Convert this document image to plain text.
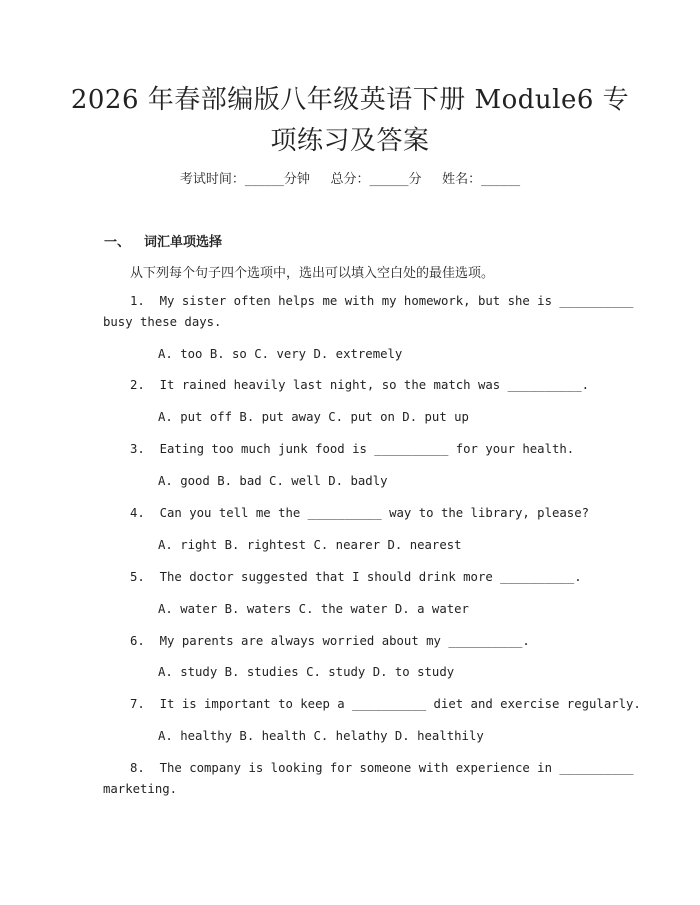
2026 年春部编版八年级英语下册 Module6 专项练习及答案
考试时间：______分钟     总分：______分     姓名：______
一、 词汇单项选择
从下列每个句子四个选项中，选出可以填入空白处的最佳选项。
1.  My sister often helps me with my homework, but she is __________
busy these days.
A. too B. so C. very D. extremely
2.  It rained heavily last night, so the match was __________.
A. put off B. put away C. put on D. put up
3.  Eating too much junk food is __________ for your health.
A. good B. bad C. well D. badly
4.  Can you tell me the __________ way to the library, please?
A. right B. rightest C. nearer D. nearest
5.  The doctor suggested that I should drink more __________.
A. water B. waters C. the water D. a water
6.  My parents are always worried about my __________.
A. study B. studies C. study D. to study
7.  It is important to keep a __________ diet and exercise regularly.
A. healthy B. health C. helathy D. healthily
8.  The company is looking for someone with experience in __________
marketing.
